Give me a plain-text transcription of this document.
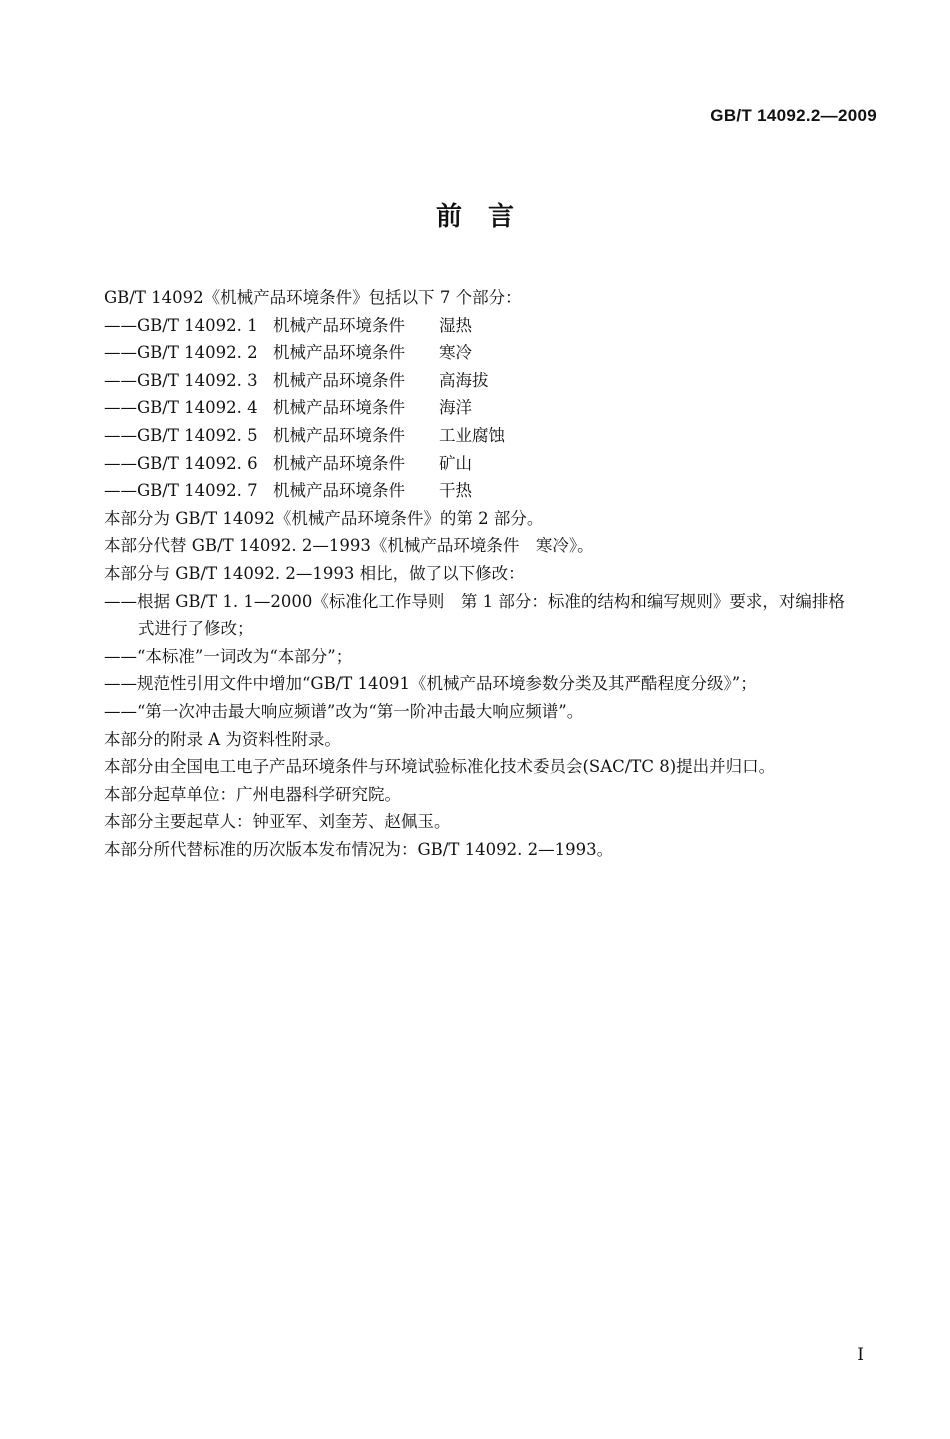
GB/T 14092.2—2009
前　言
GB/T 14092《机械产品环境条件》包括以下 7 个部分：
——GB/T 14092. 1 机械产品环境条件 湿热
——GB/T 14092. 2 机械产品环境条件 寒冷
——GB/T 14092. 3 机械产品环境条件 高海拔
——GB/T 14092. 4 机械产品环境条件 海洋
——GB/T 14092. 5 机械产品环境条件 工业腐蚀
——GB/T 14092. 6 机械产品环境条件 矿山
——GB/T 14092. 7 机械产品环境条件 干热
本部分为 GB/T 14092《机械产品环境条件》的第 2 部分。
本部分代替 GB/T 14092. 2—1993《机械产品环境条件　寒冷》。
本部分与 GB/T 14092. 2—1993 相比，做了以下修改：
——根据 GB/T 1. 1—2000《标准化工作导则　第 1 部分：标准的结构和编写规则》要求，对编排格
式进行了修改；
——“本标准”一词改为“本部分”；
——规范性引用文件中增加“GB/T 14091《机械产品环境参数分类及其严酷程度分级》”；
——“第一次冲击最大响应频谱”改为“第一阶冲击最大响应频谱”。
本部分的附录 A 为资料性附录。
本部分由全国电工电子产品环境条件与环境试验标准化技术委员会(SAC/TC 8)提出并归口。
本部分起草单位：广州电器科学研究院。
本部分主要起草人：钟亚军、刘奎芳、赵佩玉。
本部分所代替标准的历次版本发布情况为：GB/T 14092. 2—1993。
I
